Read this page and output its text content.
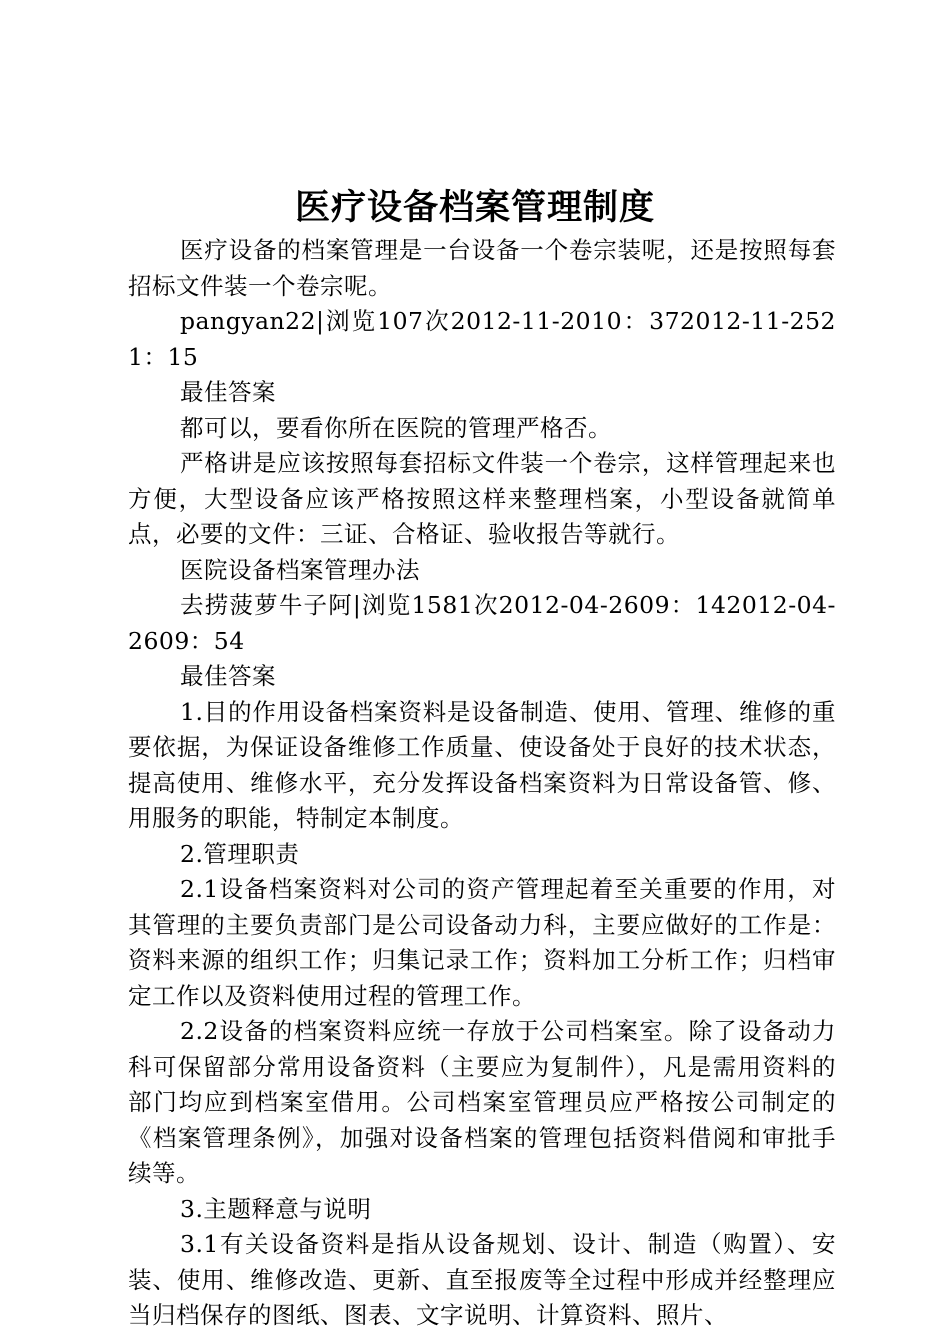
医疗设备档案管理制度

医疗设备的档案管理是一台设备一个卷宗装呢，还是按照每套招标文件装一个卷宗呢。

pangyan22|浏览107次2012-11-2010：372012-11-2521：15

最佳答案

都可以，要看你所在医院的管理严格否。

严格讲是应该按照每套招标文件装一个卷宗，这样管理起来也方便，大型设备应该严格按照这样来整理档案，小型设备就简单点，必要的文件：三证、合格证、验收报告等就行。

医院设备档案管理办法

去捞菠萝牛子阿|浏览1581次2012-04-2609：142012-04-2609：54

最佳答案

1.目的作用设备档案资料是设备制造、使用、管理、维修的重要依据，为保证设备维修工作质量、使设备处于良好的技术状态，提高使用、维修水平，充分发挥设备档案资料为日常设备管、修、用服务的职能，特制定本制度。

2.管理职责

2.1设备档案资料对公司的资产管理起着至关重要的作用，对其管理的主要负责部门是公司设备动力科，主要应做好的工作是：资料来源的组织工作；归集记录工作；资料加工分析工作；归档审定工作以及资料使用过程的管理工作。

2.2设备的档案资料应统一存放于公司档案室。除了设备动力科可保留部分常用设备资料（主要应为复制件），凡是需用资料的部门均应到档案室借用。公司档案室管理员应严格按公司制定的《档案管理条例》，加强对设备档案的管理包括资料借阅和审批手续等。

3.主题释意与说明

3.1有关设备资料是指从设备规划、设计、制造（购置）、安装、使用、维修改造、更新、直至报废等全过程中形成并经整理应当归档保存的图纸、图表、文字说明、计算资料、照片、
